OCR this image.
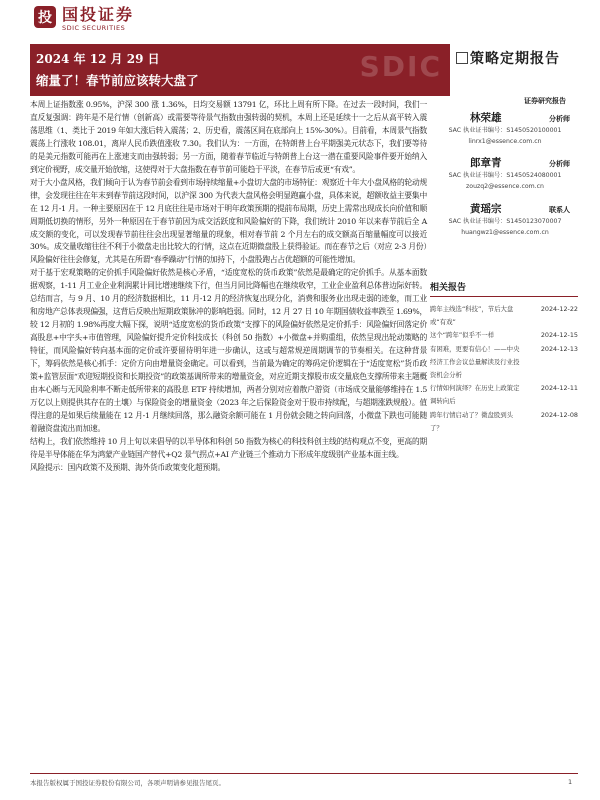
投 国投证券
SDIC SECURITIES
SDIC
2024 年 12 月 29 日
缩量了！春节前应该转大盘了
策略定期报告
证券研究报告
林荣雄	分析师
SAC 执业证书编号：S1450520100001
linrx1@essence.com.cn
郎章青	分析师
SAC 执业证书编号：S1450524080001
zouzq2@essence.com.cn
黄瑶宗	联系人
SAC 执业证书编号：S1450123070007
huangwz1@essence.com.cn
相关报告
跨年主线选“科技”，节后大盘或“有戏”
2024-12-22
这个“跨年”似乎不一样	2024-12-15
有困难，更要有信心！——中央经济工作会议总量解读及行业投资机会分析
2024-12-13
行情如何演绎？在历史上政策定调转向后
2024-12-11
跨年行情启动了？微盘股到头了？
2024-12-08

本周上证指数涨 0.95%，沪深 300 涨 1.36%，日均交易额 13791 亿，环比上周有所下降。在过去一段时间，我们一直反复强调：跨年是不是行情（创新高）或需要等待景气指数由强转弱的契机，本周上还是延续十一之后从高平转入震荡思维（1、类比于 2019 年如大涨后转入震荡；2、历史看，震荡区间在底部向上 15%-30%）。目前看，本周景气指数震荡上行涨收 108.01，离岸人民币跌值涨收 7.30。我们认为：一方面，在特朗普上台平期强美元状态下，我们要等待的是美元指数可能再在上涨速支而由强转弱；另一方面，随着春节临近与特朗普上台这一潜在重要风险事件要开始纳入到定价视野，成交量开始放缩，这使得对于大盘指数在春节前可能趋于平淡，在春节后或更“有戏”。

对于大小盘风格，我们倾向于认为春节前会看到市场持续缩量+小盘切大盘的市场特征：观察近十年大小盘风格的轮动规律，会发现往往在年末到春节前这段时间，以沪深 300 为代表大盘风格会明显跑赢小盘，具体来说，超额收益主要集中在 12 月-1 月。一种主要原因在于 12 月底往往是市场对于明年政策预期的提前布局期，历史上需常出现成长向价值和顺周期低切换的情形，另外一种原因在于春节前因为成交活跃度和风险偏好的下降，我们统计 2010 年以来春节前后全 A 成交额的变化，可以发现春节前往往会出现显著缩量的现象，相对春节前 2 个月左右的成交额高百缩量幅度可以接近 30%。成交量收缩往往不利于小微盘走出比较大的行情，这点在近期微盘股上获得验证。而在春节之后（对应 2-3 月份）风险偏好往往会修复，尤其是在所谓“春季躁动”行情的加持下，小盘股跑占占优超额的可能性增加。

对于基于宏观策略的定价抓手风险偏好依然是核心矛盾，“适度宽松的货币政策”依然是最确定的定价抓手。从基本面数据观察，1-11 月工业企业利润累计同比增速继续下行，但当月同比降幅也在继续收窄，工业企业盈利总体普边际好转。总结而言，与 9 月、10 月的经济数据相比，11 月-12 月的经济恢复出现分化，消费和服务业出现走弱的迹象，而工业和房地产总体表现偏强，这背后反映出短期政策脉冲的影响趋弱。同时，12 月 27 日 10 年期国债收益率跌至 1.69%，较 12 月初的 1.98%再度大幅下探，说明“适度宽松的货币政策”支撑下的风险偏好依然是定价抓手：风险偏好回落定价高股息+中字头+市值管理，风险偏好提升定价科技成长（科创 50 指数）+小微盘+并购重组，依然呈现出轮动策略的特征，而风险偏好转向基本面的定价或许要留待明年进一步确认，这或与超常规逆周期调节的节奏相关。在这种背景下，筹码依然是核心抓手：定价方向由增量资金确定。可以看到，当前最为确定的筹码定价逻辑在于“适度宽松”货币政策+监管层面“欢迎短期投资和长期投资”的政策基调所带来的增量资金，对应近期支撑股市成交量底色支撑所带来主题概由本心断与无风险利率不断走低所带来的高股息 ETF 持续增加，两者分别对应着散户游资（市场成交量能够维持在 1.5 万亿以上则提供其存在的土壤）与保险资金的增量资金（2023 年之后保险资金对于股市持续配，与超期涨跌规般）。值得注意的是如果后续量能在 12 月-1 月继续回落，那么融资余额可能在 1 月份就会随之转向回落，小微盘下跌也可能随着融资盘流出而加速。

结构上，我们依然维持 10 月上旬以来倡导的以半导体和科创 50 指数为核心的科技科创主线的结构观点不变，更高的期待是半导体能在华为鸿蒙产业链国产替代+Q2 景气拐点+AI 产业链三个推动力下形成年度级别产业基本面主线。

风险提示：国内政策不及预期、海外货币政策变化超预期。

本报告版权属于国投证券股份有限公司，各项声明请参见报告尾页。	1
